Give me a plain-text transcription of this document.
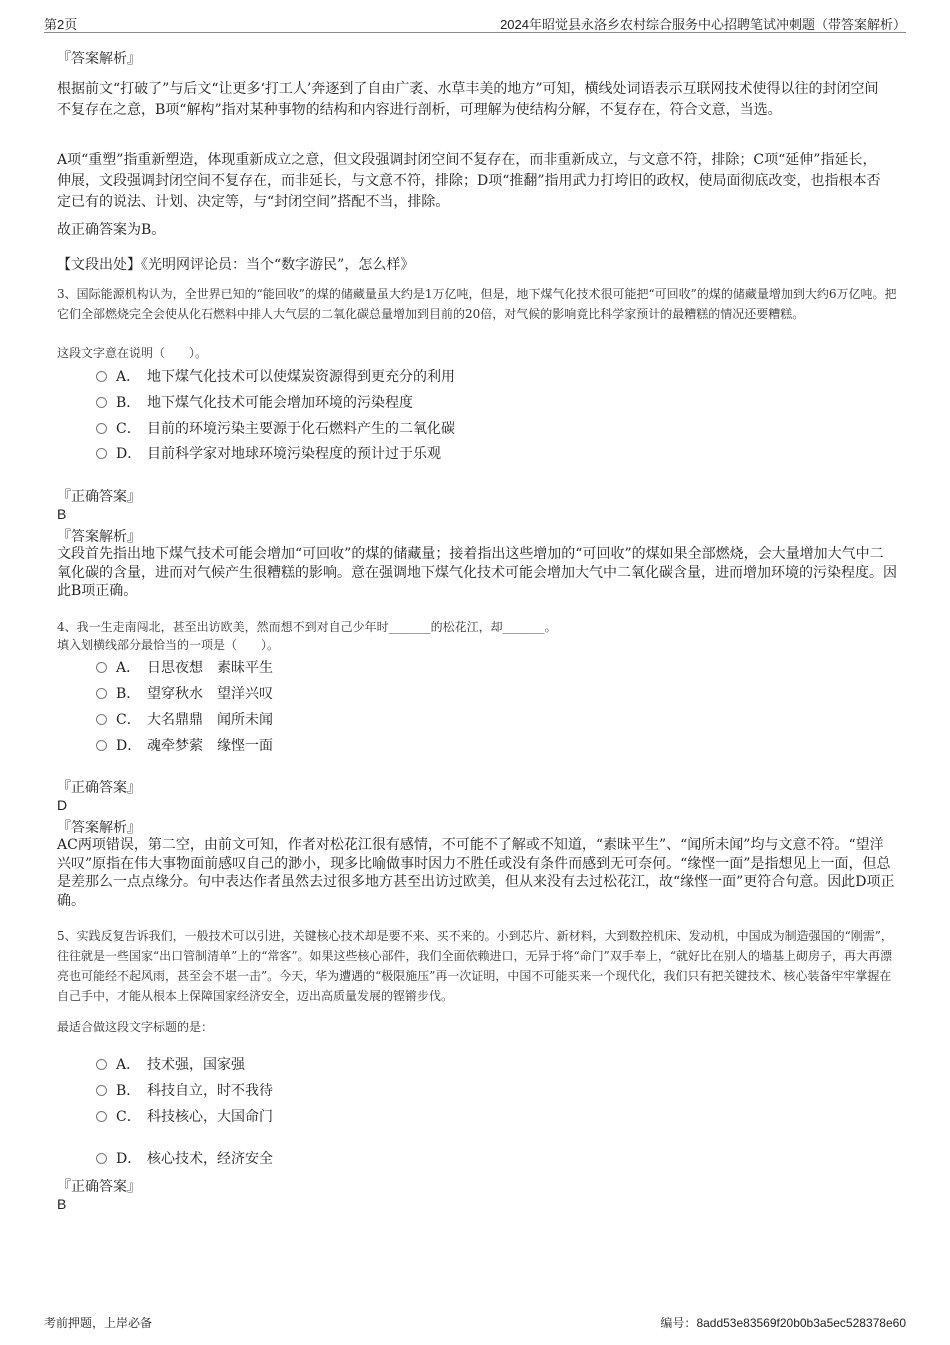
第2页	2024年昭觉县永洛乡农村综合服务中心招聘笔试冲刺题（带答案解析）
『答案解析』
根据前文“打破了”与后文“让更多‘打工人’奔逐到了自由广袤、水草丰美的地方”可知，横线处词语表示互联网技术使得以往的封闭空间不复存在之意，B项“解构”指对某种事物的结构和内容进行剖析，可理解为使结构分解，不复存在，符合文意，当选。
A项“重塑”指重新塑造，体现重新成立之意，但文段强调封闭空间不复存在，而非重新成立，与文意不符，排除；C项“延伸”指延长，伸展，文段强调封闭空间不复存在，而非延长，与文意不符，排除；D项“推翻”指用武力打垮旧的政权，使局面彻底改变，也指根本否定已有的说法、计划、决定等，与“封闭空间”搭配不当，排除。
故正确答案为B。
【文段出处】《光明网评论员：当个“数字游民”，怎么样》
3、国际能源机构认为，全世界已知的“能回收”的煤的储藏量虽大约是1万亿吨，但是，地下煤气化技术很可能把“可回收”的煤的储藏量增加到大约6万亿吨。把它们全部燃烧完全会使从化石燃料中排人大气层的二氧化碳总量增加到目前的20倍，对气候的影响竟比科学家预计的最糟糕的情况还要糟糕。
这段文字意在说明（　　）。
A． 地下煤气化技术可以使煤炭资源得到更充分的利用
B． 地下煤气化技术可能会增加环境的污染程度
C． 目前的环境污染主要源于化石燃料产生的二氧化碳
D． 目前科学家对地球环境污染程度的预计过于乐观
『正确答案』
B
『答案解析』
文段首先指出地下煤气技术可能会增加“可回收”的煤的储藏量；接着指出这些增加的“可回收”的煤如果全部燃烧，会大量增加大气中二氧化碳的含量，进而对气候产生很糟糕的影响。意在强调地下煤气化技术可能会增加大气中二氧化碳含量，进而增加环境的污染程度。因此B项正确。
4、我一生走南闯北，甚至出访欧美，然而想不到对自己少年时_______的松花江，却_______。
填入划横线部分最恰当的一项是（　　）。
A． 日思夜想　素昧平生
B． 望穿秋水　望洋兴叹
C． 大名鼎鼎　闻所未闻
D． 魂牵梦萦　缘悭一面
『正确答案』
D
『答案解析』
AC两项错误，第二空，由前文可知，作者对松花江很有感情，不可能不了解或不知道，“素昧平生”、“闻所未闻”均与文意不符。“望洋兴叹”原指在伟大事物面前感叹自己的渺小，现多比喻做事时因力不胜任或没有条件而感到无可奈何。“缘悭一面”是指想见上一面，但总是差那么一点点缘分。句中表达作者虽然去过很多地方甚至出访过欧美，但从来没有去过松花江，故“缘悭一面”更符合句意。因此D项正确。
5、实践反复告诉我们，一般技术可以引进，关键核心技术却是要不来、买不来的。小到芯片、新材料，大到数控机床、发动机，中国成为制造强国的“刚需”，往往就是一些国家“出口管制清单”上的“常客”。如果这些核心部件，我们全面依赖进口，无异于将“命门”双手奉上，“就好比在别人的墙基上砌房子，再大再漂亮也可能经不起风雨，甚至会不堪一击”。今天，华为遭遇的“极限施压”再一次证明，中国不可能买来一个现代化，我们只有把关键技术、核心装备牢牢掌握在自己手中，才能从根本上保障国家经济安全，迈出高质量发展的铿锵步伐。
最适合做这段文字标题的是：
A． 技术强，国家强
B． 科技自立，时不我待
C． 科技核心，大国命门
D． 核心技术，经济安全
『正确答案』
B
考前押题，上岸必备	编号：8add53e83569f20b0b3a5ec528378e60
